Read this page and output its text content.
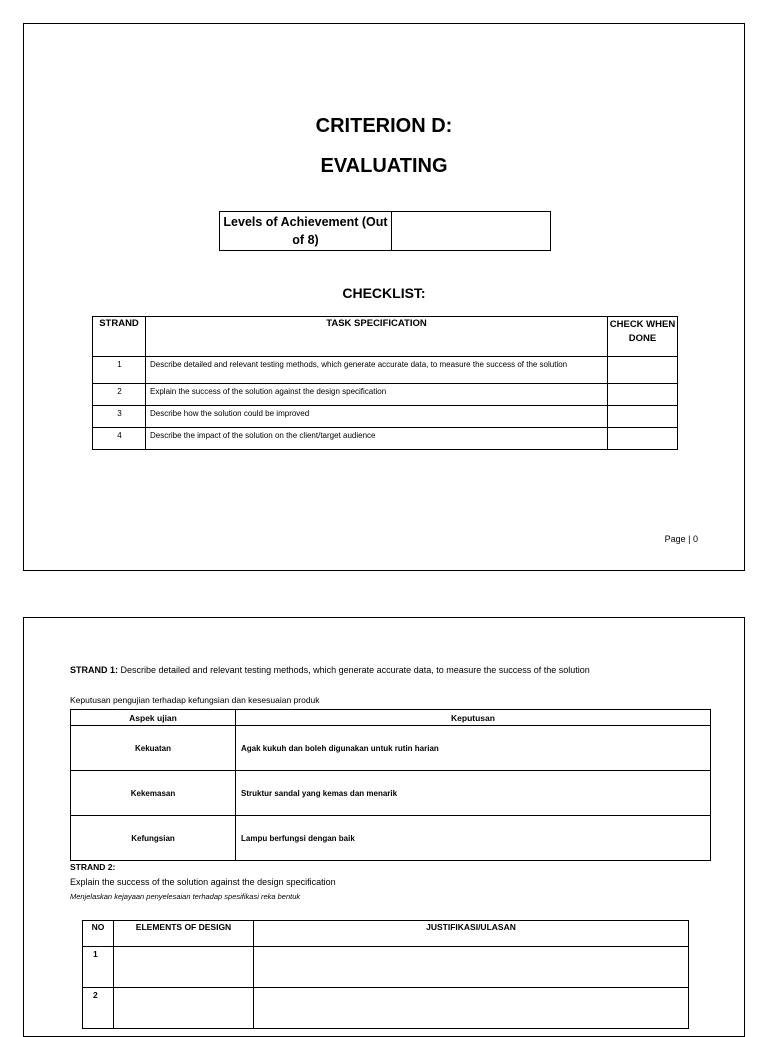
CRITERION D:
EVALUATING
Levels of Achievement (Out of 8)
CHECKLIST:
STRAND	TASK SPECIFICATION	CHECK WHEN DONE
1	Describe detailed and relevant testing methods, which generate accurate data, to measure the success of the solution	
2	Explain the success of the solution against the design specification	
3	Describe how the solution could be improved	
4	Describe the impact of the solution on the client/target audience	
Page | 0
STRAND 1: Describe detailed and relevant testing methods, which generate accurate data, to measure the success of the solution
Keputusan pengujian terhadap kefungsian dan kesesuaian produk
Aspek ujian	Keputusan
Kekuatan	Agak kukuh dan boleh digunakan untuk rutin harian
Kekemasan	Struktur sandal yang kemas dan menarik
Kefungsian	Lampu berfungsi dengan baik
STRAND 2:
Explain the success of the solution against the design specification
Menjelaskan kejayaan penyelesaian terhadap spesifikasi reka bentuk
NO	ELEMENTS OF DESIGN	JUSTIFIKASI/ULASAN
1		
2		
